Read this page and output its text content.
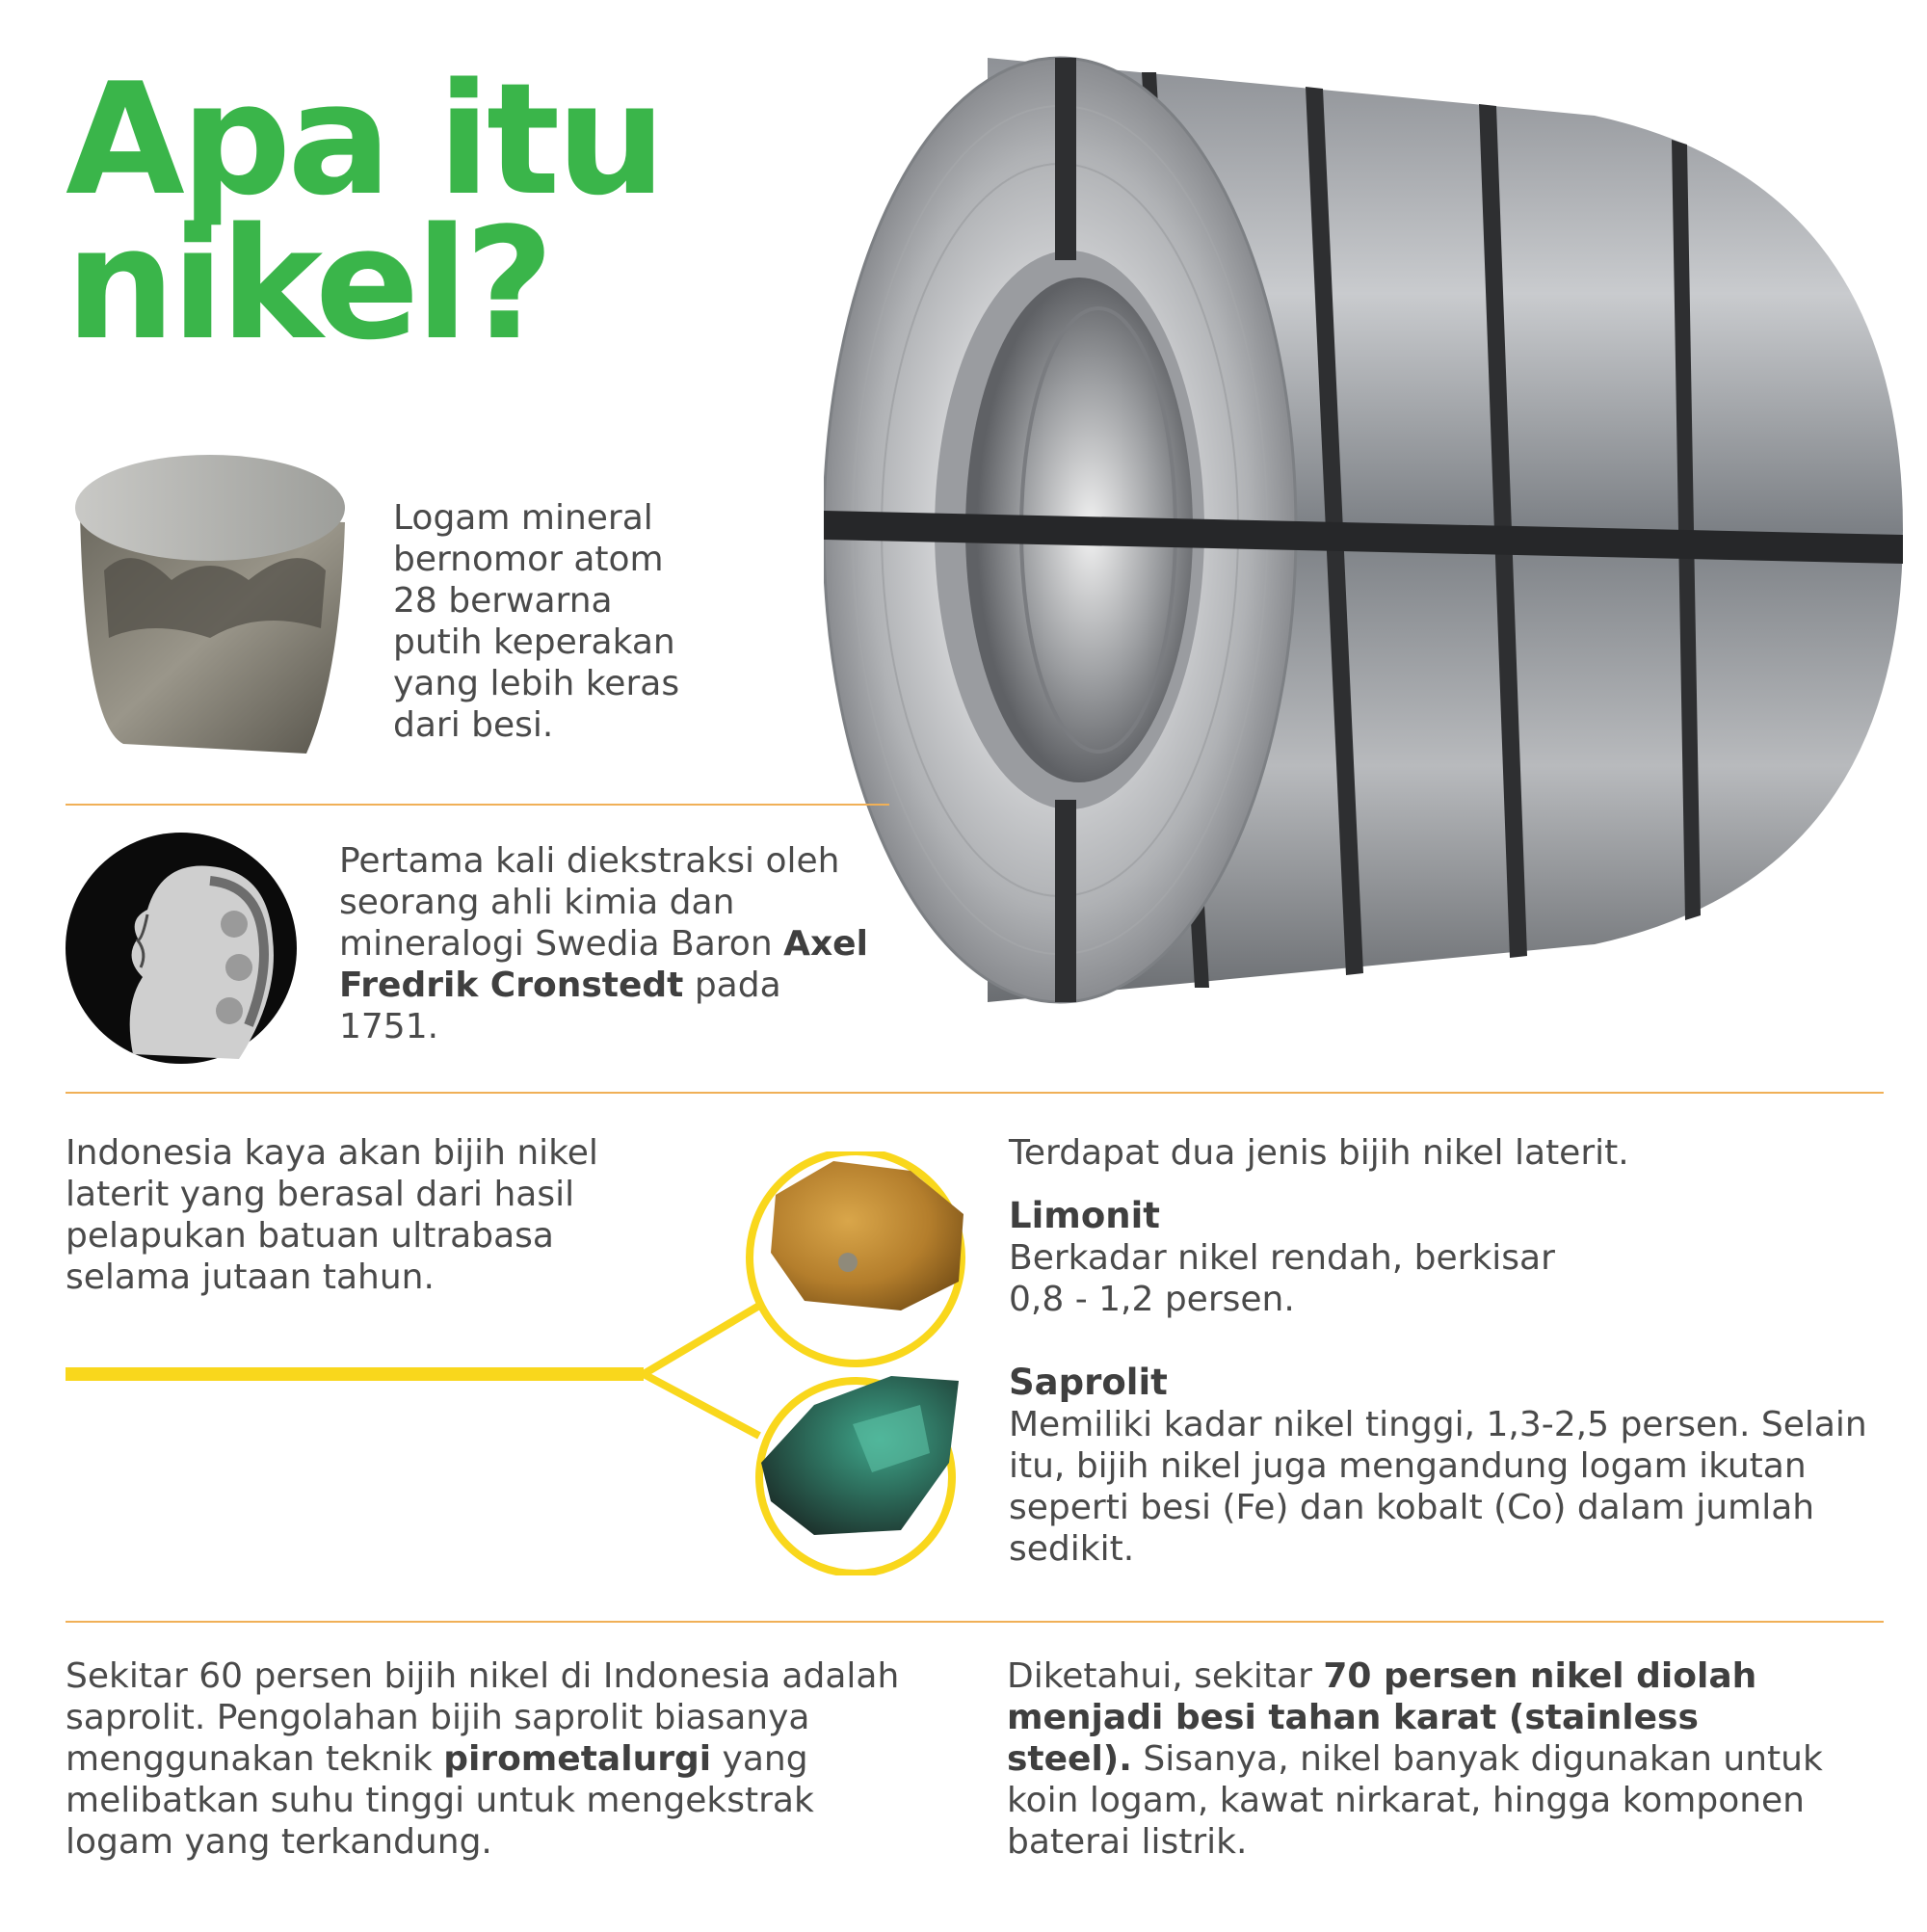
Apa itu
nikel?

Logam mineral bernomor atom 28 berwarna putih keperakan yang lebih keras dari besi.

Pertama kali diekstraksi oleh seorang ahli kimia dan mineralogi Swedia Baron Axel Fredrik Cronstedt pada 1751.

Indonesia kaya akan bijih nikel laterit yang berasal dari hasil pelapukan batuan ultrabasa selama jutaan tahun.

Terdapat dua jenis bijih nikel laterit.

Limonit

Berkadar nikel rendah, berkisar 0,8 - 1,2 persen.

Saprolit

Memiliki kadar nikel tinggi, 1,3-2,5 persen. Selain itu, bijih nikel juga mengandung logam ikutan seperti besi (Fe) dan kobalt (Co) dalam jumlah sedikit.

Sekitar 60 persen bijih nikel di Indonesia adalah saprolit. Pengolahan bijih saprolit biasanya menggunakan teknik pirometalurgi yang melibatkan suhu tinggi untuk mengekstrak logam yang terkandung.

Diketahui, sekitar 70 persen nikel diolah menjadi besi tahan karat (stainless steel). Sisanya, nikel banyak digunakan untuk koin logam, kawat nirkarat, hingga komponen baterai listrik.
